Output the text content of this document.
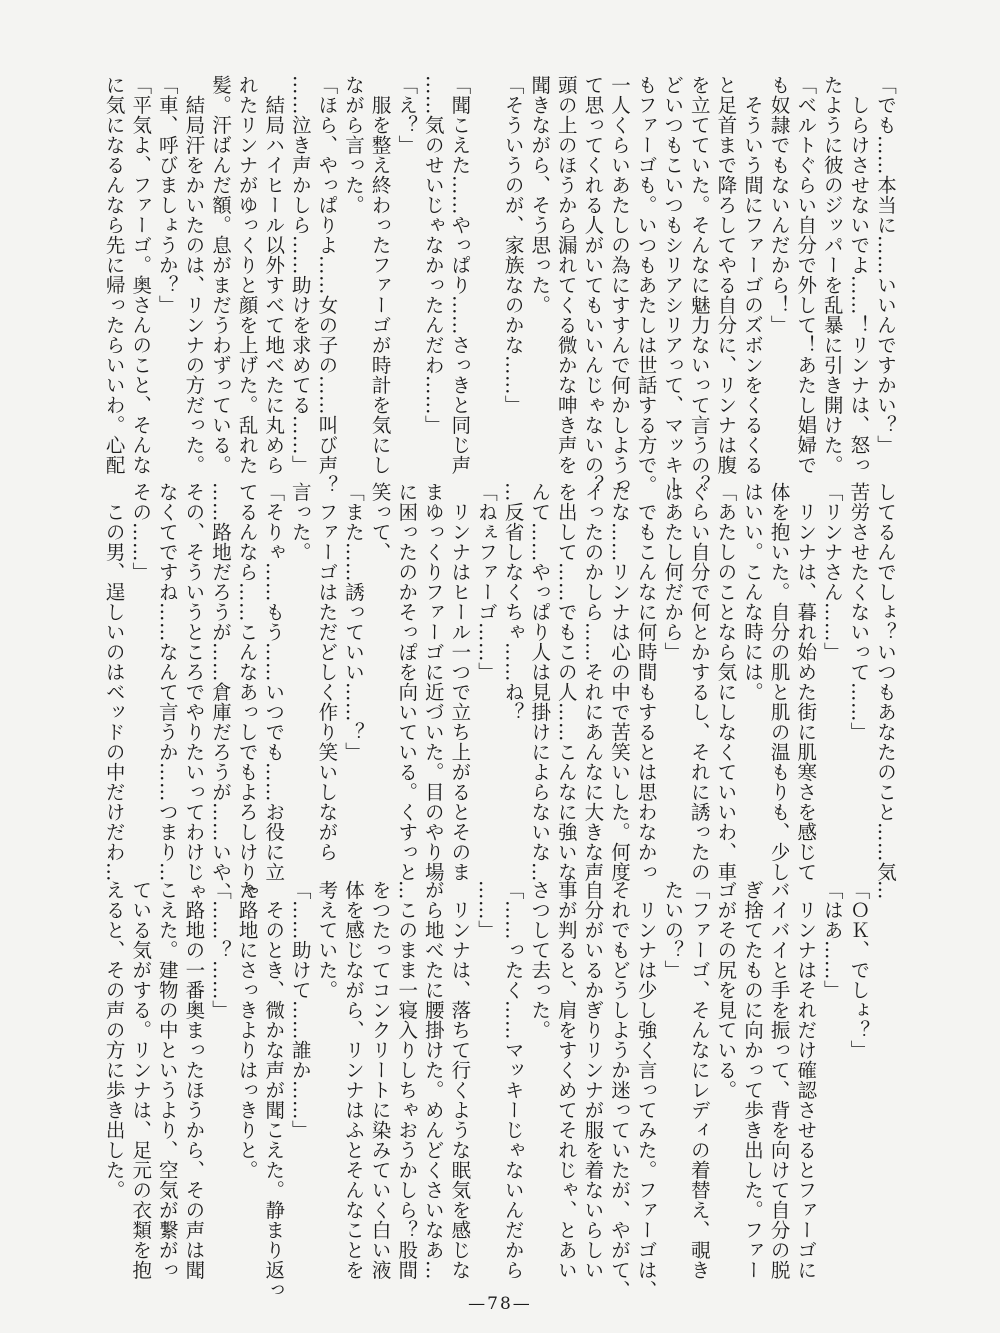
「でも……本当に……いいんですかい？」
　しらけさせないでよ……！リンナは、怒っ
たように彼のジッパーを乱暴に引き開けた。
「ベルトぐらい自分で外して！あたし娼婦で
も奴隷でもないんだから！」
　そういう間にファーゴのズボンをくるくる
と足首まで降ろしてやる自分に、リンナは腹
を立てていた。そんなに魅力ないって言うの？
どいつもこいつもシリアシリアって、マッキー
もファーゴも。いつもあたしは世話する方で。
一人くらいあたしの為にすすんで何かしようっ
て思ってくれる人がいてもいいんじゃないの？
頭の上のほうから漏れてくる微かな呻き声を
聞きながら、そう思った。
「そういうのが、家族なのかな……」
「聞こえた……やっぱり……さっきと同じ声
……気のせいじゃなかったんだわ……」
「え？」
　服を整え終わったファーゴが時計を気にし
ながら言った。
「ほら、やっぱりよ……女の子の……叫び声？
……泣き声かしら……助けを求めてる……」
　結局ハイヒール以外すべて地べたに丸めら
れたリンナがゆっくりと顔を上げた。乱れた
髪。汗ばんだ額。息がまだうわずっている。
　結局汗をかいたのは、リンナの方だった。
「車、呼びましょうか？」
「平気よ、ファーゴ。奥さんのこと、そんな
に気になるんなら先に帰ったらいいわ。心配
してるんでしょ？いつもあなたのこと……気
苦労させたくないって……」
「リンナさん……」
　リンナは、暮れ始めた街に肌寒さを感じて
体を抱いた。自分の肌と肌の温もりも、少し
はいい。こんな時には。
「あたしのことなら気にしなくていいわ、車
ぐらい自分で何とかするし、それに誘ったの
はあたし何だから」
　でもこんなに何時間もするとは思わなかっ
たな……リンナは心の中で苦笑いした。何度
イったのかしら……それにあんなに大きな声
を出して……でもこの人……こんなに強いな
んて……やっぱり人は見掛けによらないな…
…反省しなくちゃ……ね？
「ねぇファーゴ……」
　リンナはヒール一つで立ち上がるとそのま
まゆっくりファーゴに近づいた。目のやり場
に困ったのかそっぽを向いている。くすっと
笑って、
「また……誘っていい……？」
　ファーゴはただどしく作り笑いしながら
言った。
「そりゃ……もう……いつでも……お役に立
てるんなら……こんなあっしでもよろしけりゃ
……路地だろうが……倉庫だろうが……いや、
その、そういうところでやりたいってわけじゃ
なくてですね……なんて言うか……つまり…
その……」
　この男、逞しいのはベッドの中だけだわ…
…
「ＯＫ、でしょ？」
「はあ……」
　リンナはそれだけ確認させるとファーゴに
バイバイと手を振って、背を向けて自分の脱
ぎ捨てたものに向かって歩き出した。ファー
ゴがその尻を見ている。
「ファーゴ、そんなにレディの着替え、覗き
たいの？」
　リンナは少し強く言ってみた。ファーゴは、
それでもどうしようか迷っていたが、やがて、
自分がいるかぎりリンナが服を着ないらしい
事が判ると、肩をすくめてそれじゃ、とあい
さつして去った。
「……ったく……マッキーじゃないんだから
……」
　リンナは、落ちて行くような眠気を感じな
がら地べたに腰掛けた。めんどくさいなあ…
…このまま一寝入りしちゃおうかしら？股間
をつたってコンクリートに染みていく白い液
体を感じながら、リンナはふとそんなことを
考えていた。
「……助けて……誰か……」
　そのとき、微かな声が聞こえた。静まり返っ
た路地にさっきよりはっきりと。
「……？……」
　路地の一番奥まったほうから、その声は聞
こえた。建物の中というより、空気が繋がっ
ている気がする。リンナは、足元の衣類を抱
えると、その声の方に歩き出した。
—78—
